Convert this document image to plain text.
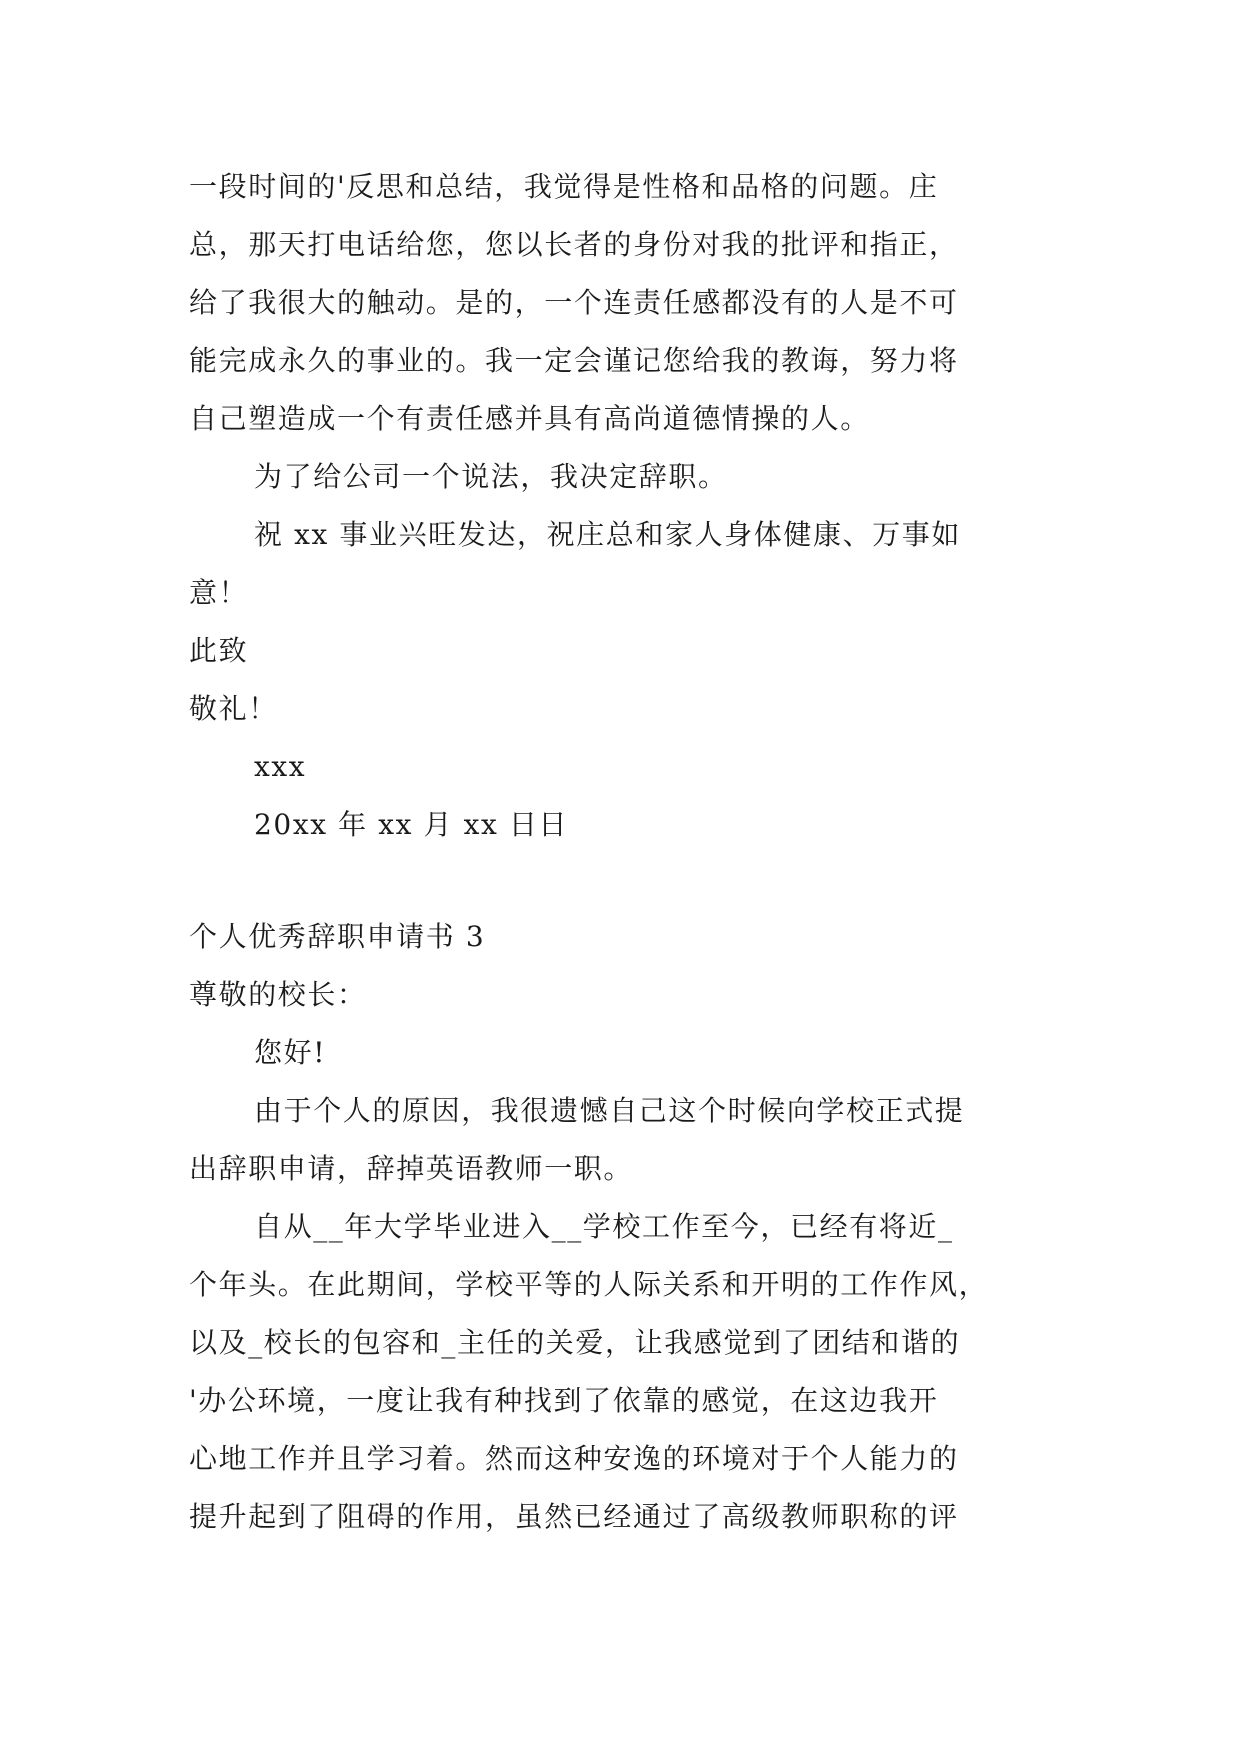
一段时间的'反思和总结，我觉得是性格和品格的问题。庄
总，那天打电话给您，您以长者的身份对我的批评和指正，
给了我很大的触动。是的，一个连责任感都没有的人是不可
能完成永久的事业的。我一定会谨记您给我的教诲，努力将
自己塑造成一个有责任感并具有高尚道德情操的人。
为了给公司一个说法，我决定辞职。
祝 xx 事业兴旺发达，祝庄总和家人身体健康、万事如
意！
此致
敬礼！
xxx
20xx 年 xx 月 xx 日日
个人优秀辞职申请书 3
尊敬的校长：
您好!
由于个人的原因，我很遗憾自己这个时候向学校正式提
出辞职申请，辞掉英语教师一职。
自从__年大学毕业进入__学校工作至今，已经有将近_
个年头。在此期间，学校平等的人际关系和开明的工作作风，
以及_校长的包容和_主任的关爱，让我感觉到了团结和谐的
'办公环境，一度让我有种找到了依靠的感觉，在这边我开
心地工作并且学习着。然而这种安逸的环境对于个人能力的
提升起到了阻碍的作用，虽然已经通过了高级教师职称的评
